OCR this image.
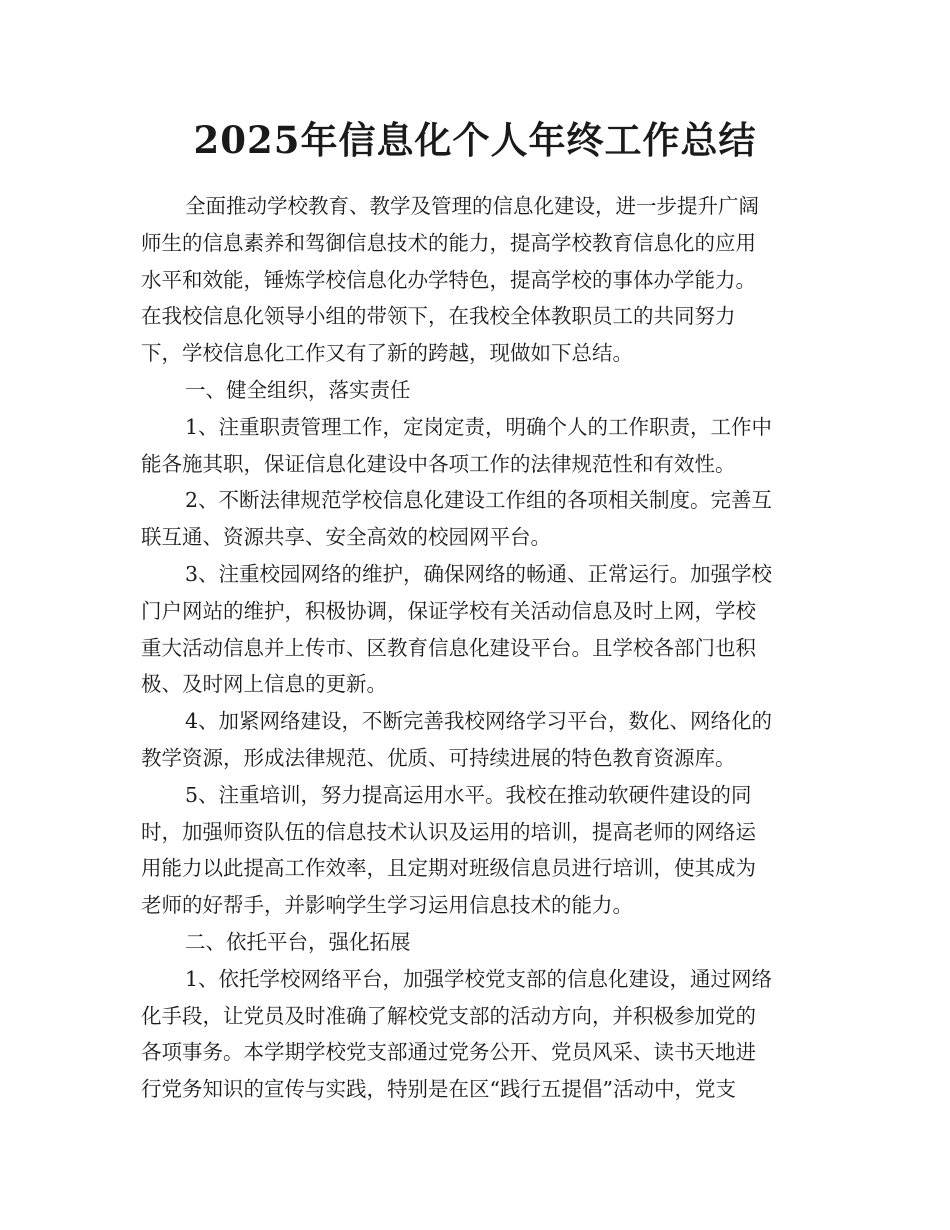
2025年信息化个人年终工作总结
全面推动学校教育、教学及管理的信息化建设，进一步提升广阔
师生的信息素养和驾御信息技术的能力，提高学校教育信息化的应用
水平和效能，锤炼学校信息化办学特色，提高学校的事体办学能力。
在我校信息化领导小组的带领下，在我校全体教职员工的共同努力
下，学校信息化工作又有了新的跨越，现做如下总结。
一、健全组织，落实责任
1、注重职责管理工作，定岗定责，明确个人的工作职责，工作中
能各施其职，保证信息化建设中各项工作的法律规范性和有效性。
2、不断法律规范学校信息化建设工作组的各项相关制度。完善互
联互通、资源共享、安全高效的校园网平台。
3、注重校园网络的维护，确保网络的畅通、正常运行。加强学校
门户网站的维护，积极协调，保证学校有关活动信息及时上网，学校
重大活动信息并上传市、区教育信息化建设平台。且学校各部门也积
极、及时网上信息的更新。
4、加紧网络建设，不断完善我校网络学习平台，数化、网络化的
教学资源，形成法律规范、优质、可持续进展的特色教育资源库。
5、注重培训，努力提高运用水平。我校在推动软硬件建设的同
时，加强师资队伍的信息技术认识及运用的培训，提高老师的网络运
用能力以此提高工作效率，且定期对班级信息员进行培训，使其成为
老师的好帮手，并影响学生学习运用信息技术的能力。
二、依托平台，强化拓展
1、依托学校网络平台，加强学校党支部的信息化建设，通过网络
化手段，让党员及时准确了解校党支部的活动方向，并积极参加党的
各项事务。本学期学校党支部通过党务公开、党员风采、读书天地进
行党务知识的宣传与实践，特别是在区“践行五提倡”活动中，党支
